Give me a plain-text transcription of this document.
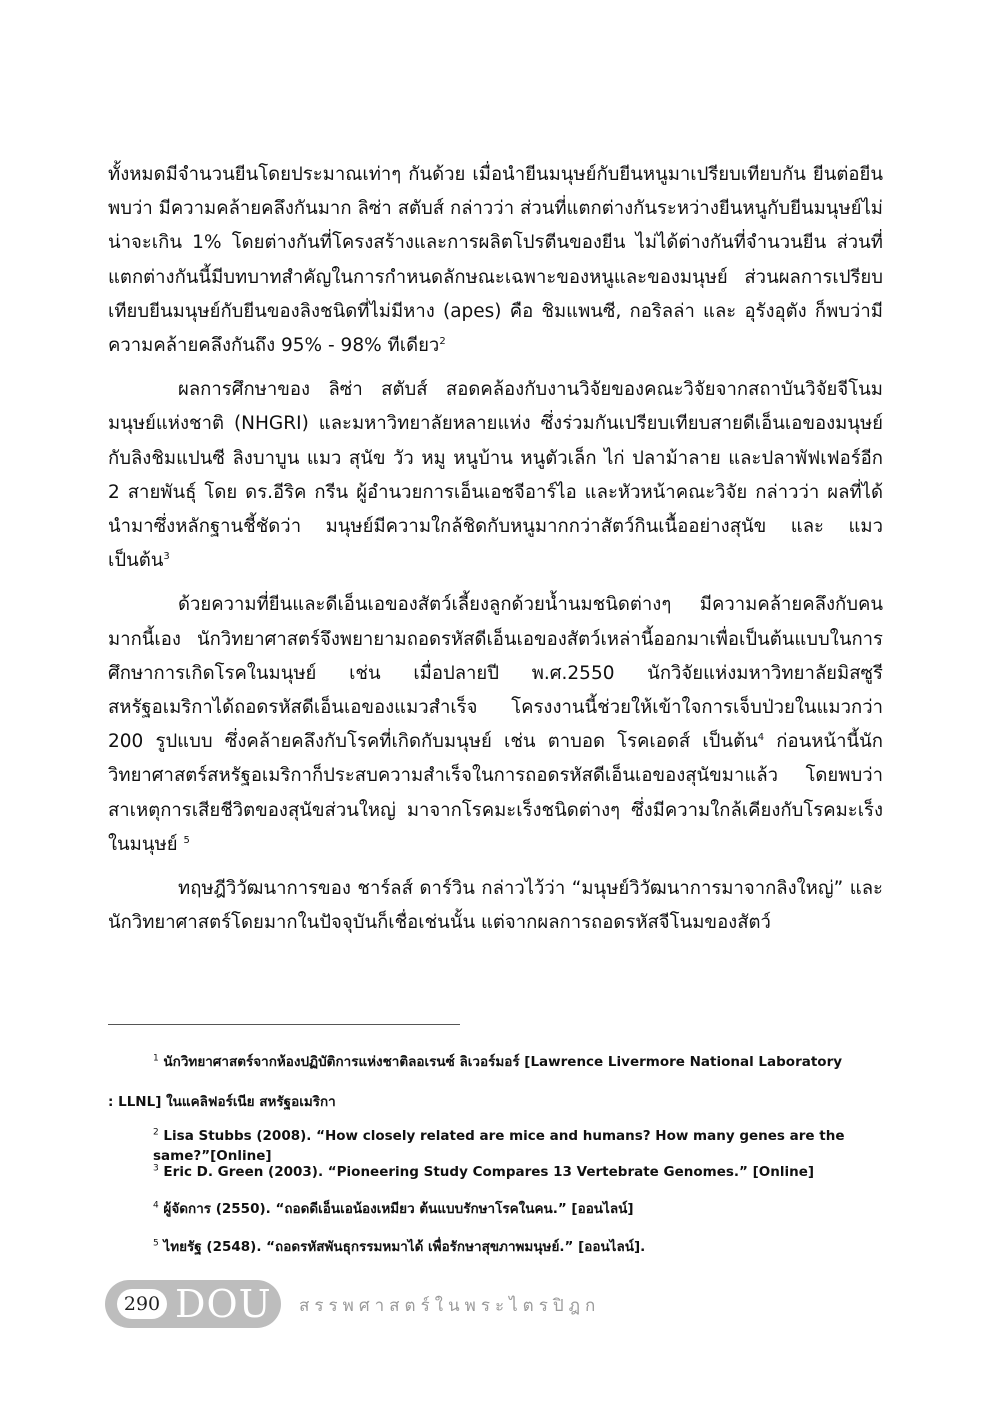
ทั้งหมดมีจำนวนยีนโดยประมาณเท่าๆ กันด้วย เมื่อนำยีนมนุษย์กับยีนหนูมาเปรียบเทียบกัน ยีนต่อยีนพบว่า มีความคล้ายคลึงกันมาก ลิซ่า สตับส์ กล่าวว่า ส่วนที่แตกต่างกันระหว่างยีนหนูกับยีนมนุษย์ไม่น่าจะเกิน 1% โดยต่างกันที่โครงสร้างและการผลิตโปรตีนของยีน ไม่ได้ต่างกันที่จำนวนยีน ส่วนที่แตกต่างกันนี้มีบทบาทสำคัญในการกำหนดลักษณะเฉพาะของหนูและของมนุษย์ ส่วนผลการเปรียบเทียบยีนมนุษย์กับยีนของลิงชนิดที่ไม่มีหาง (apes) คือ ชิมแพนซี, กอริลล่า และ อุรังอุตัง ก็พบว่ามีความคล้ายคลึงกันถึง 95% - 98% ทีเดียว$^2$

ผลการศึกษาของ ลิซ่า สตับส์ สอดคล้องกับงานวิจัยของคณะวิจัยจากสถาบันวิจัยจีโนมมนุษย์แห่งชาติ (NHGRI) และมหาวิทยาลัยหลายแห่ง ซึ่งร่วมกันเปรียบเทียบสายดีเอ็นเอของมนุษย์กับลิงชิมแปนซี ลิงบาบูน แมว สุนัข วัว หมู หนูบ้าน หนูตัวเล็ก ไก่ ปลาม้าลาย และปลาพัฟเฟอร์อีก 2 สายพันธุ์ โดย ดร.อีริค กรีน ผู้อำนวยการเอ็นเอชจีอาร์ไอ และหัวหน้าคณะวิจัย กล่าวว่า ผลที่ได้นำมาซึ่งหลักฐานชี้ชัดว่า มนุษย์มีความใกล้ชิดกับหนูมากกว่าสัตว์กินเนื้ออย่างสุนัข และ แมว เป็นต้น$^3$

ด้วยความที่ยีนและดีเอ็นเอของสัตว์เลี้ยงลูกด้วยน้ำนมชนิดต่างๆ มีความคล้ายคลึงกับคนมากนี้เอง นักวิทยาศาสตร์จึงพยายามถอดรหัสดีเอ็นเอของสัตว์เหล่านี้ออกมาเพื่อเป็นต้นแบบในการศึกษาการเกิดโรคในมนุษย์ เช่น เมื่อปลายปี พ.ศ.2550 นักวิจัยแห่งมหาวิทยาลัยมิสซูรี สหรัฐอเมริกาได้ถอดรหัสดีเอ็นเอของแมวสำเร็จ โครงงานนี้ช่วยให้เข้าใจการเจ็บป่วยในแมวกว่า 200 รูปแบบ ซึ่งคล้ายคลึงกับโรคที่เกิดกับมนุษย์ เช่น ตาบอด โรคเอดส์ เป็นต้น$^4$ ก่อนหน้านี้นักวิทยาศาสตร์สหรัฐอเมริกาก็ประสบความสำเร็จในการถอดรหัสดีเอ็นเอของสุนัขมาแล้ว โดยพบว่า สาเหตุการเสียชีวิตของสุนัขส่วนใหญ่ มาจากโรคมะเร็งชนิดต่างๆ ซึ่งมีความใกล้เคียงกับโรคมะเร็งในมนุษย์ $^5$

ทฤษฎีวิวัฒนาการของ ชาร์ลส์ ดาร์วิน กล่าวไว้ว่า “มนุษย์วิวัฒนาการมาจากลิงใหญ่” และนักวิทยาศาสตร์โดยมากในปัจจุบันก็เชื่อเช่นนั้น แต่จากผลการถอดรหัสจีโนมของสัตว์

$^1$ นักวิทยาศาสตร์จากห้องปฏิบัติการแห่งชาติลอเรนซ์ ลิเวอร์มอร์ [Lawrence Livermore National Laboratory
: LLNL] ในแคลิฟอร์เนีย สหรัฐอเมริกา
$^2$ Lisa Stubbs (2008). “How closely related are mice and humans? How many genes are the same?”[Online]
$^3$ Eric D. Green (2003). “Pioneering Study Compares 13 Vertebrate Genomes.” [Online]
$^4$ ผู้จัดการ (2550). “ถอดดีเอ็นเอน้องเหมียว ต้นแบบรักษาโรคในคน.” [ออนไลน์]
$^5$ ไทยรัฐ (2548). “ถอดรหัสพันธุกรรมหมาได้ เพื่อรักษาสุขภาพมนุษย์.” [ออนไลน์].
290 DOU สรรพศาสตร์ในพระไตรปิฎก
